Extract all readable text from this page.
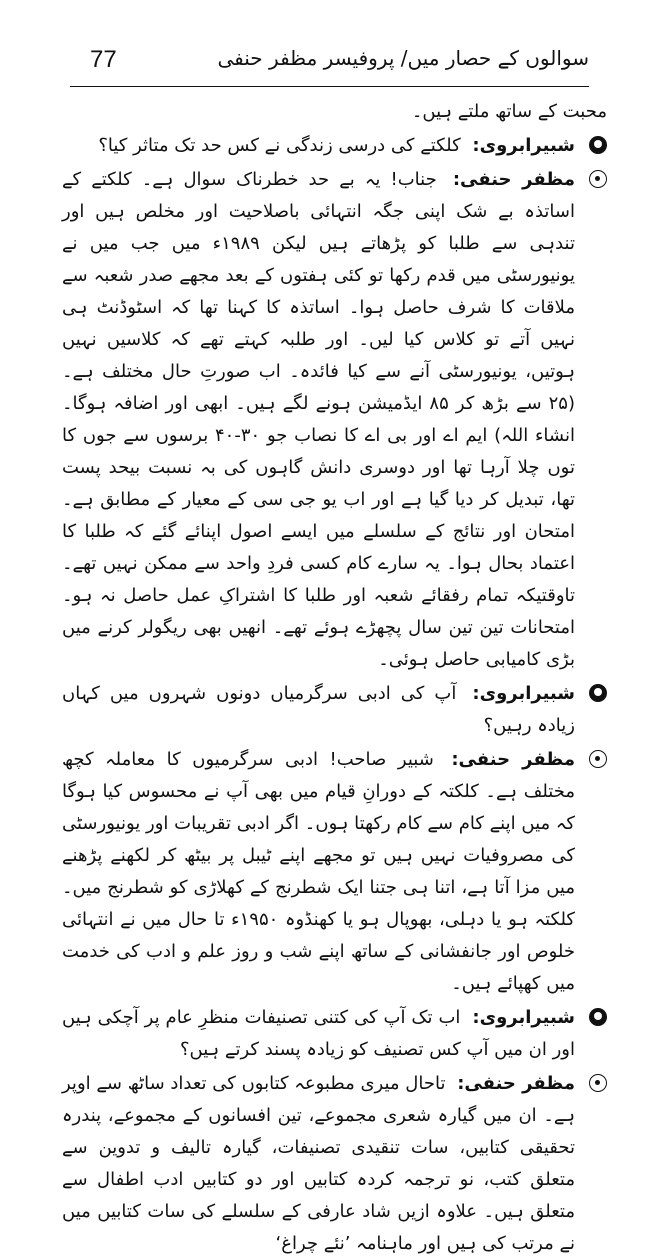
77	سوالوں کے حصار میں/ پروفیسر مظفر حنفی

محبت کے ساتھ ملتے ہیں۔

شبیرابروی: کلکتے کی درسی زندگی نے کس حد تک متاثر کیا؟

مظفر حنفی: جناب! یہ بے حد خطرناک سوال ہے۔ کلکتے کے اساتذہ بے شک اپنی جگہ انتہائی باصلاحیت اور مخلص ہیں اور تندہی سے طلبا کو پڑھاتے ہیں لیکن ۱۹۸۹ء میں جب میں نے یونیورسٹی میں قدم رکھا تو کئی ہفتوں کے بعد مجھے صدر شعبہ سے ملاقات کا شرف حاصل ہوا۔ اساتذہ کا کہنا تھا کہ اسٹوڈنٹ ہی نہیں آتے تو کلاس کیا لیں۔ اور طلبہ کہتے تھے کہ کلاسیں نہیں ہوتیں، یونیورسٹی آنے سے کیا فائدہ۔ اب صورتِ حال مختلف ہے۔ (۲۵ سے بڑھ کر ۸۵ ایڈمیشن ہونے لگے ہیں۔ ابھی اور اضافہ ہوگا۔ انشاء اللہ) ایم اے اور بی اے کا نصاب جو ۳۰-۴۰ برسوں سے جوں کا توں چلا آرہا تھا اور دوسری دانش گاہوں کی بہ نسبت بیحد پست تھا، تبدیل کر دیا گیا ہے اور اب یو جی سی کے معیار کے مطابق ہے۔ امتحان اور نتائج کے سلسلے میں ایسے اصول اپنائے گئے کہ طلبا کا اعتماد بحال ہوا۔ یہ سارے کام کسی فردِ واحد سے ممکن نہیں تھے۔ تاوقتیکہ تمام رفقائے شعبہ اور طلبا کا اشتراکِ عمل حاصل نہ ہو۔ امتحانات تین تین سال پچھڑے ہوئے تھے۔ انھیں بھی ریگولر کرنے میں بڑی کامیابی حاصل ہوئی۔

شبیرابروی: آپ کی ادبی سرگرمیاں دونوں شہروں میں کہاں زیادہ رہیں؟

مظفر حنفی: شبیر صاحب! ادبی سرگرمیوں کا معاملہ کچھ مختلف ہے۔ کلکتہ کے دورانِ قیام میں بھی آپ نے محسوس کیا ہوگا کہ میں اپنے کام سے کام رکھتا ہوں۔ اگر ادبی تقریبات اور یونیورسٹی کی مصروفیات نہیں ہیں تو مجھے اپنے ٹیبل پر بیٹھ کر لکھنے پڑھنے میں مزا آتا ہے، اتنا ہی جتنا ایک شطرنج کے کھلاڑی کو شطرنج میں۔ کلکتہ ہو یا دہلی، بھوپال ہو یا کھنڈوہ ۱۹۵۰ء تا حال میں نے انتہائی خلوص اور جانفشانی کے ساتھ اپنے شب و روز علم و ادب کی خدمت میں کھپائے ہیں۔

شبیرابروی: اب تک آپ کی کتنی تصنیفات منظرِ عام پر آچکی ہیں اور ان میں آپ کس تصنیف کو زیادہ پسند کرتے ہیں؟

مظفر حنفی: تاحال میری مطبوعہ کتابوں کی تعداد ساٹھ سے اوپر ہے۔ ان میں گیارہ شعری مجموعے، تین افسانوں کے مجموعے، پندرہ تحقیقی کتابیں، سات تنقیدی تصنیفات، گیارہ تالیف و تدوین سے متعلق کتب، نو ترجمہ کردہ کتابیں اور دو کتابیں ادب اطفال سے متعلق ہیں۔ علاوہ ازیں شاد عارفی کے سلسلے کی سات کتابیں میں نے مرتب کی ہیں اور ماہنامہ ’نئے چراغ‘
